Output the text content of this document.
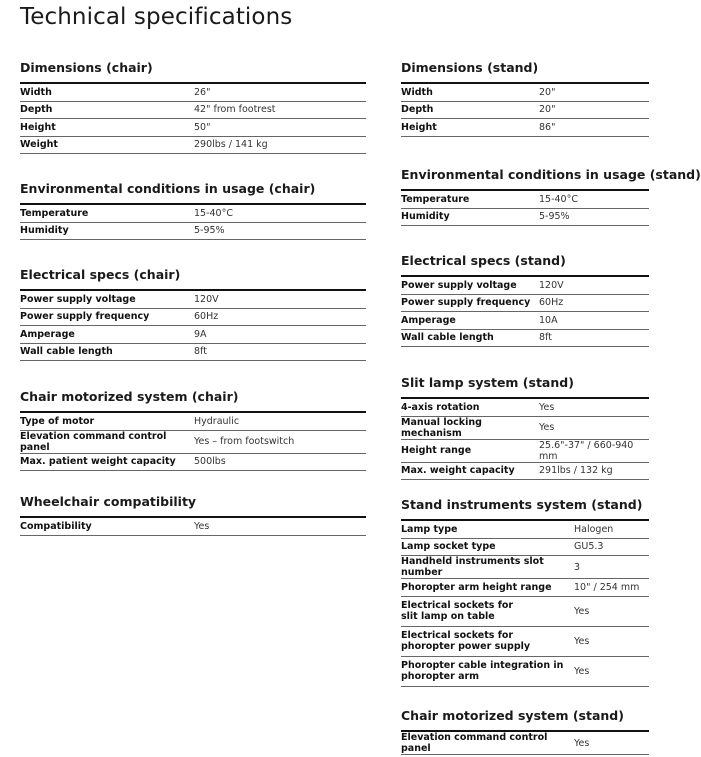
Technical specifications
Dimensions (chair)
Width	26"
Depth	42" from footrest
Height	50"
Weight	290lbs / 141 kg
Environmental conditions in usage (chair)
Temperature	15-40°C
Humidity	5-95%
Electrical specs (chair)
Power supply voltage	120V
Power supply frequency	60Hz
Amperage	9A
Wall cable length	8ft
Chair motorized system (chair)
Type of motor	Hydraulic
Elevation command control panel	Yes – from footswitch
Max. patient weight capacity	500lbs
Wheelchair compatibility
Compatibility	Yes
Dimensions (stand)
Width	20"
Depth	20"
Height	86"
Environmental conditions in usage (stand)
Temperature	15-40°C
Humidity	5-95%
Electrical specs (stand)
Power supply voltage	120V
Power supply frequency	60Hz
Amperage	10A
Wall cable length	8ft
Slit lamp system (stand)
4-axis rotation	Yes
Manual locking mechanism	Yes
Height range	25.6"-37" / 660-940 mm
Max. weight capacity	291lbs / 132 kg
Stand instruments system (stand)
Lamp type	Halogen
Lamp socket type	GU5.3
Handheld instruments slot number	3
Phoropter arm height range	10" / 254 mm
Electrical sockets for
slit lamp on table	Yes
Electrical sockets for
phoropter power supply	Yes
Phoropter cable integration in
phoropter arm	Yes
Chair motorized system (stand)
Elevation command control panel	Yes
